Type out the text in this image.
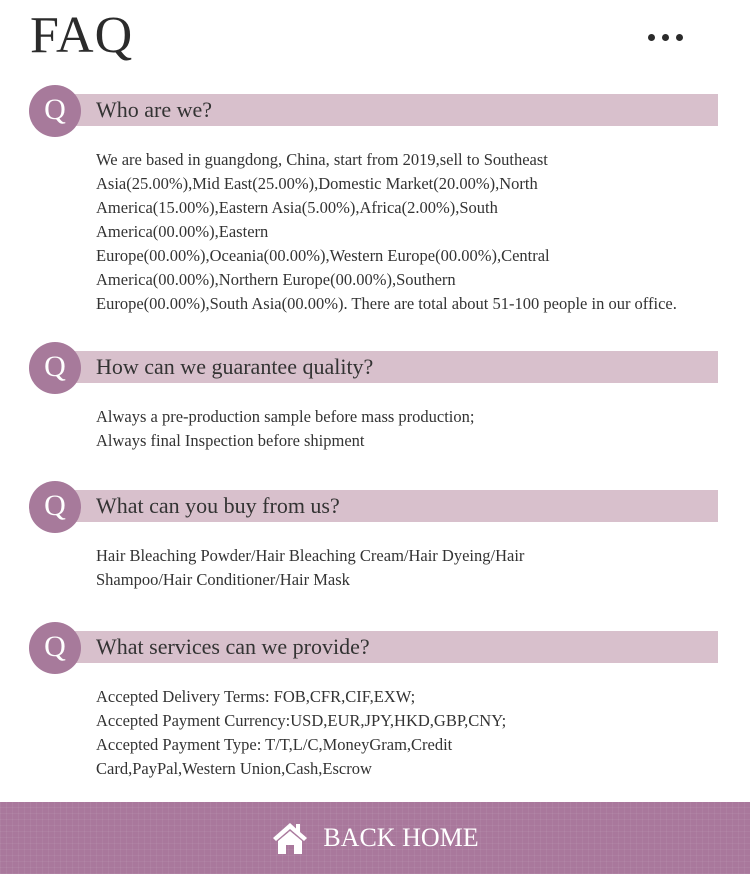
FAQ
Q	Who are we?
We are based in guangdong, China, start from 2019,sell to Southeast
Asia(25.00%),Mid East(25.00%),Domestic Market(20.00%),North
America(15.00%),Eastern Asia(5.00%),Africa(2.00%),South
America(00.00%),Eastern
Europe(00.00%),Oceania(00.00%),Western Europe(00.00%),Central
America(00.00%),Northern Europe(00.00%),Southern
Europe(00.00%),South Asia(00.00%). There are total about 51-100 people in our office.
Q	How can we guarantee quality?
Always a pre-production sample before mass production;
Always final Inspection before shipment
Q	What can you buy from us?
Hair Bleaching Powder/Hair Bleaching Cream/Hair Dyeing/Hair
Shampoo/Hair Conditioner/Hair Mask
Q	What services can we provide?
Accepted Delivery Terms: FOB,CFR,CIF,EXW;
Accepted Payment Currency:USD,EUR,JPY,HKD,GBP,CNY;
Accepted Payment Type: T/T,L/C,MoneyGram,Credit
Card,PayPal,Western Union,Cash,Escrow
BACK HOME
